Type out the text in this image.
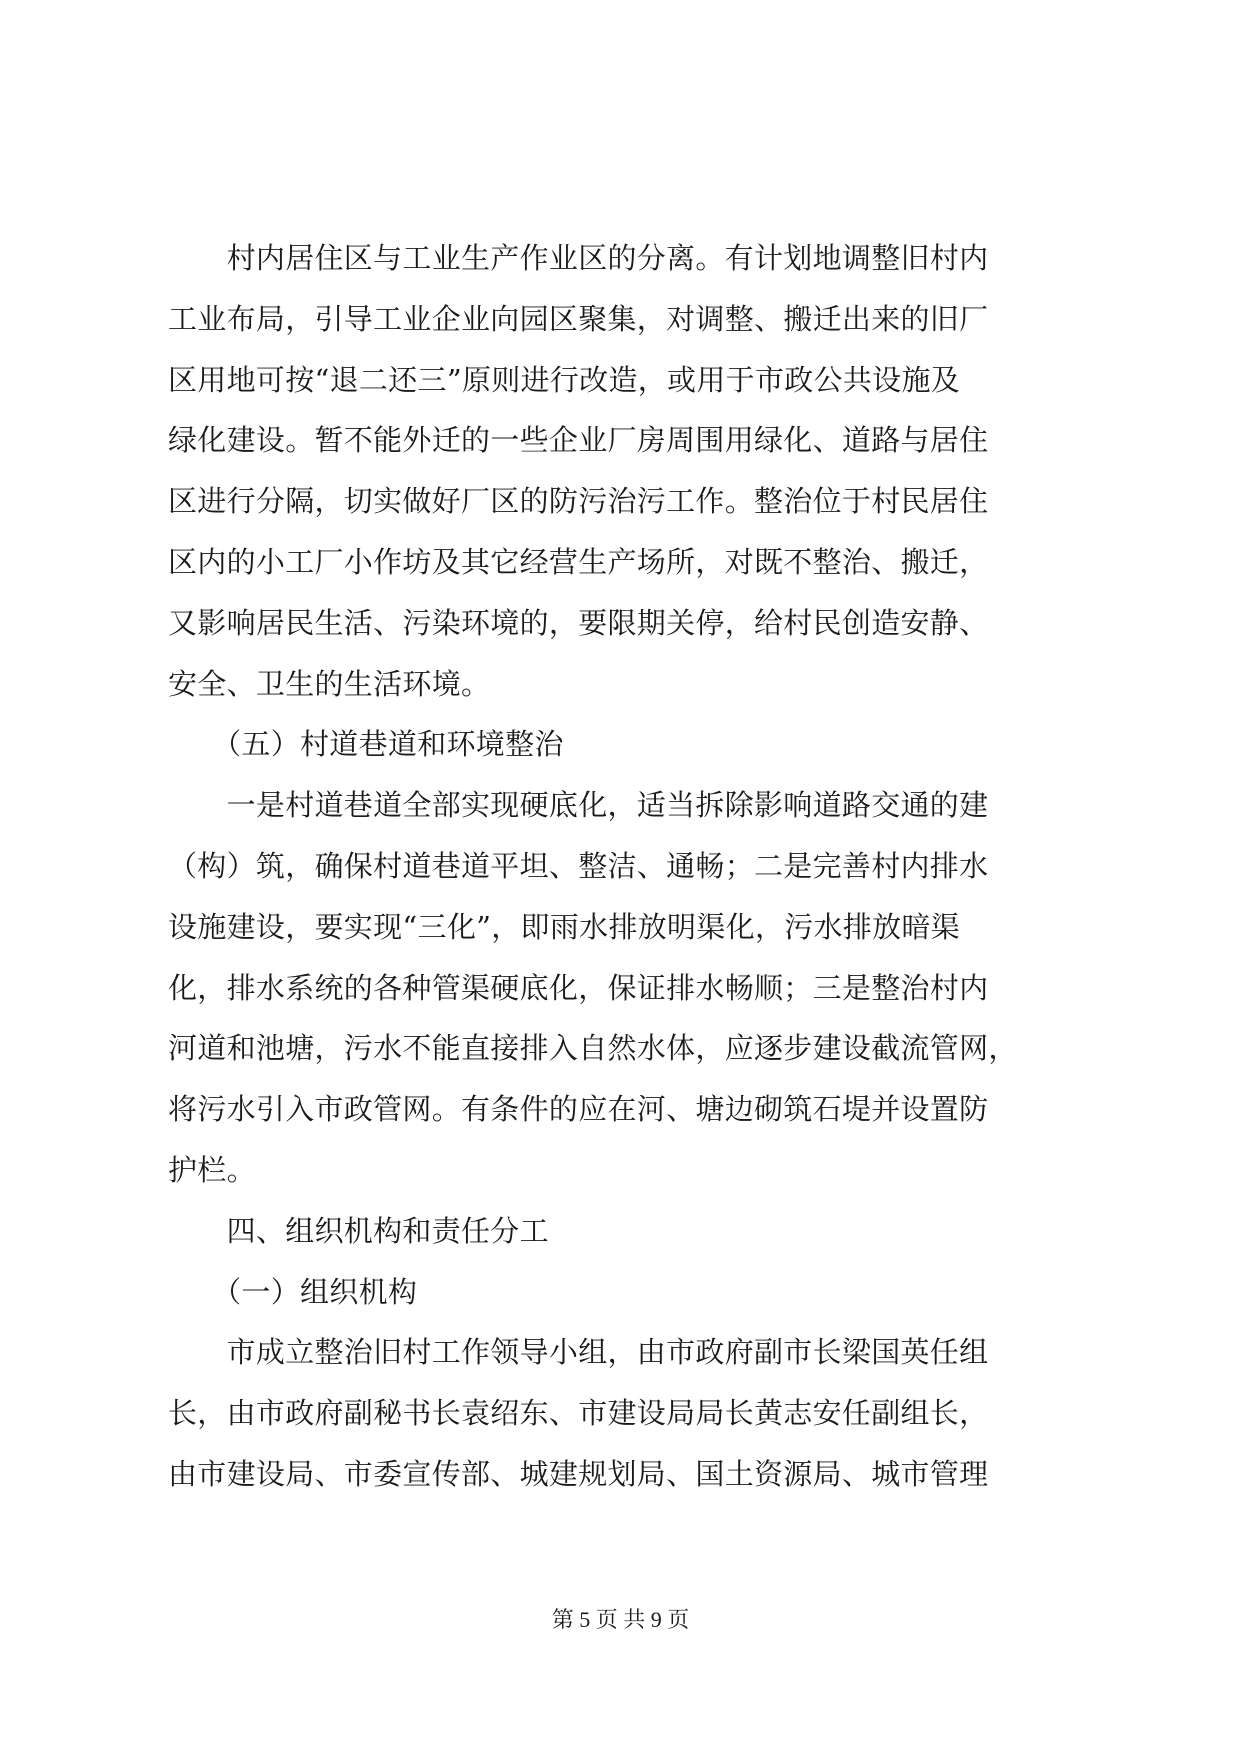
　　村内居住区与工业生产作业区的分离。有计划地调整旧村内
工业布局，引导工业企业向园区聚集，对调整、搬迁出来的旧厂
区用地可按“退二还三”原则进行改造，或用于市政公共设施及
绿化建设。暂不能外迁的一些企业厂房周围用绿化、道路与居住
区进行分隔，切实做好厂区的防污治污工作。整治位于村民居住
区内的小工厂小作坊及其它经营生产场所，对既不整治、搬迁，
又影响居民生活、污染环境的，要限期关停，给村民创造安静、
安全、卫生的生活环境。
　　（五）村道巷道和环境整治
　　一是村道巷道全部实现硬底化，适当拆除影响道路交通的建
（构）筑，确保村道巷道平坦、整洁、通畅；二是完善村内排水
设施建设，要实现“三化”，即雨水排放明渠化，污水排放暗渠
化，排水系统的各种管渠硬底化，保证排水畅顺；三是整治村内
河道和池塘，污水不能直接排入自然水体，应逐步建设截流管网，
将污水引入市政管网。有条件的应在河、塘边砌筑石堤并设置防
护栏。
　　四、组织机构和责任分工
　　（一）组织机构
　　市成立整治旧村工作领导小组，由市政府副市长梁国英任组
长，由市政府副秘书长袁绍东、市建设局局长黄志安任副组长，
由市建设局、市委宣传部、城建规划局、国土资源局、城市管理
第 5 页 共 9 页
